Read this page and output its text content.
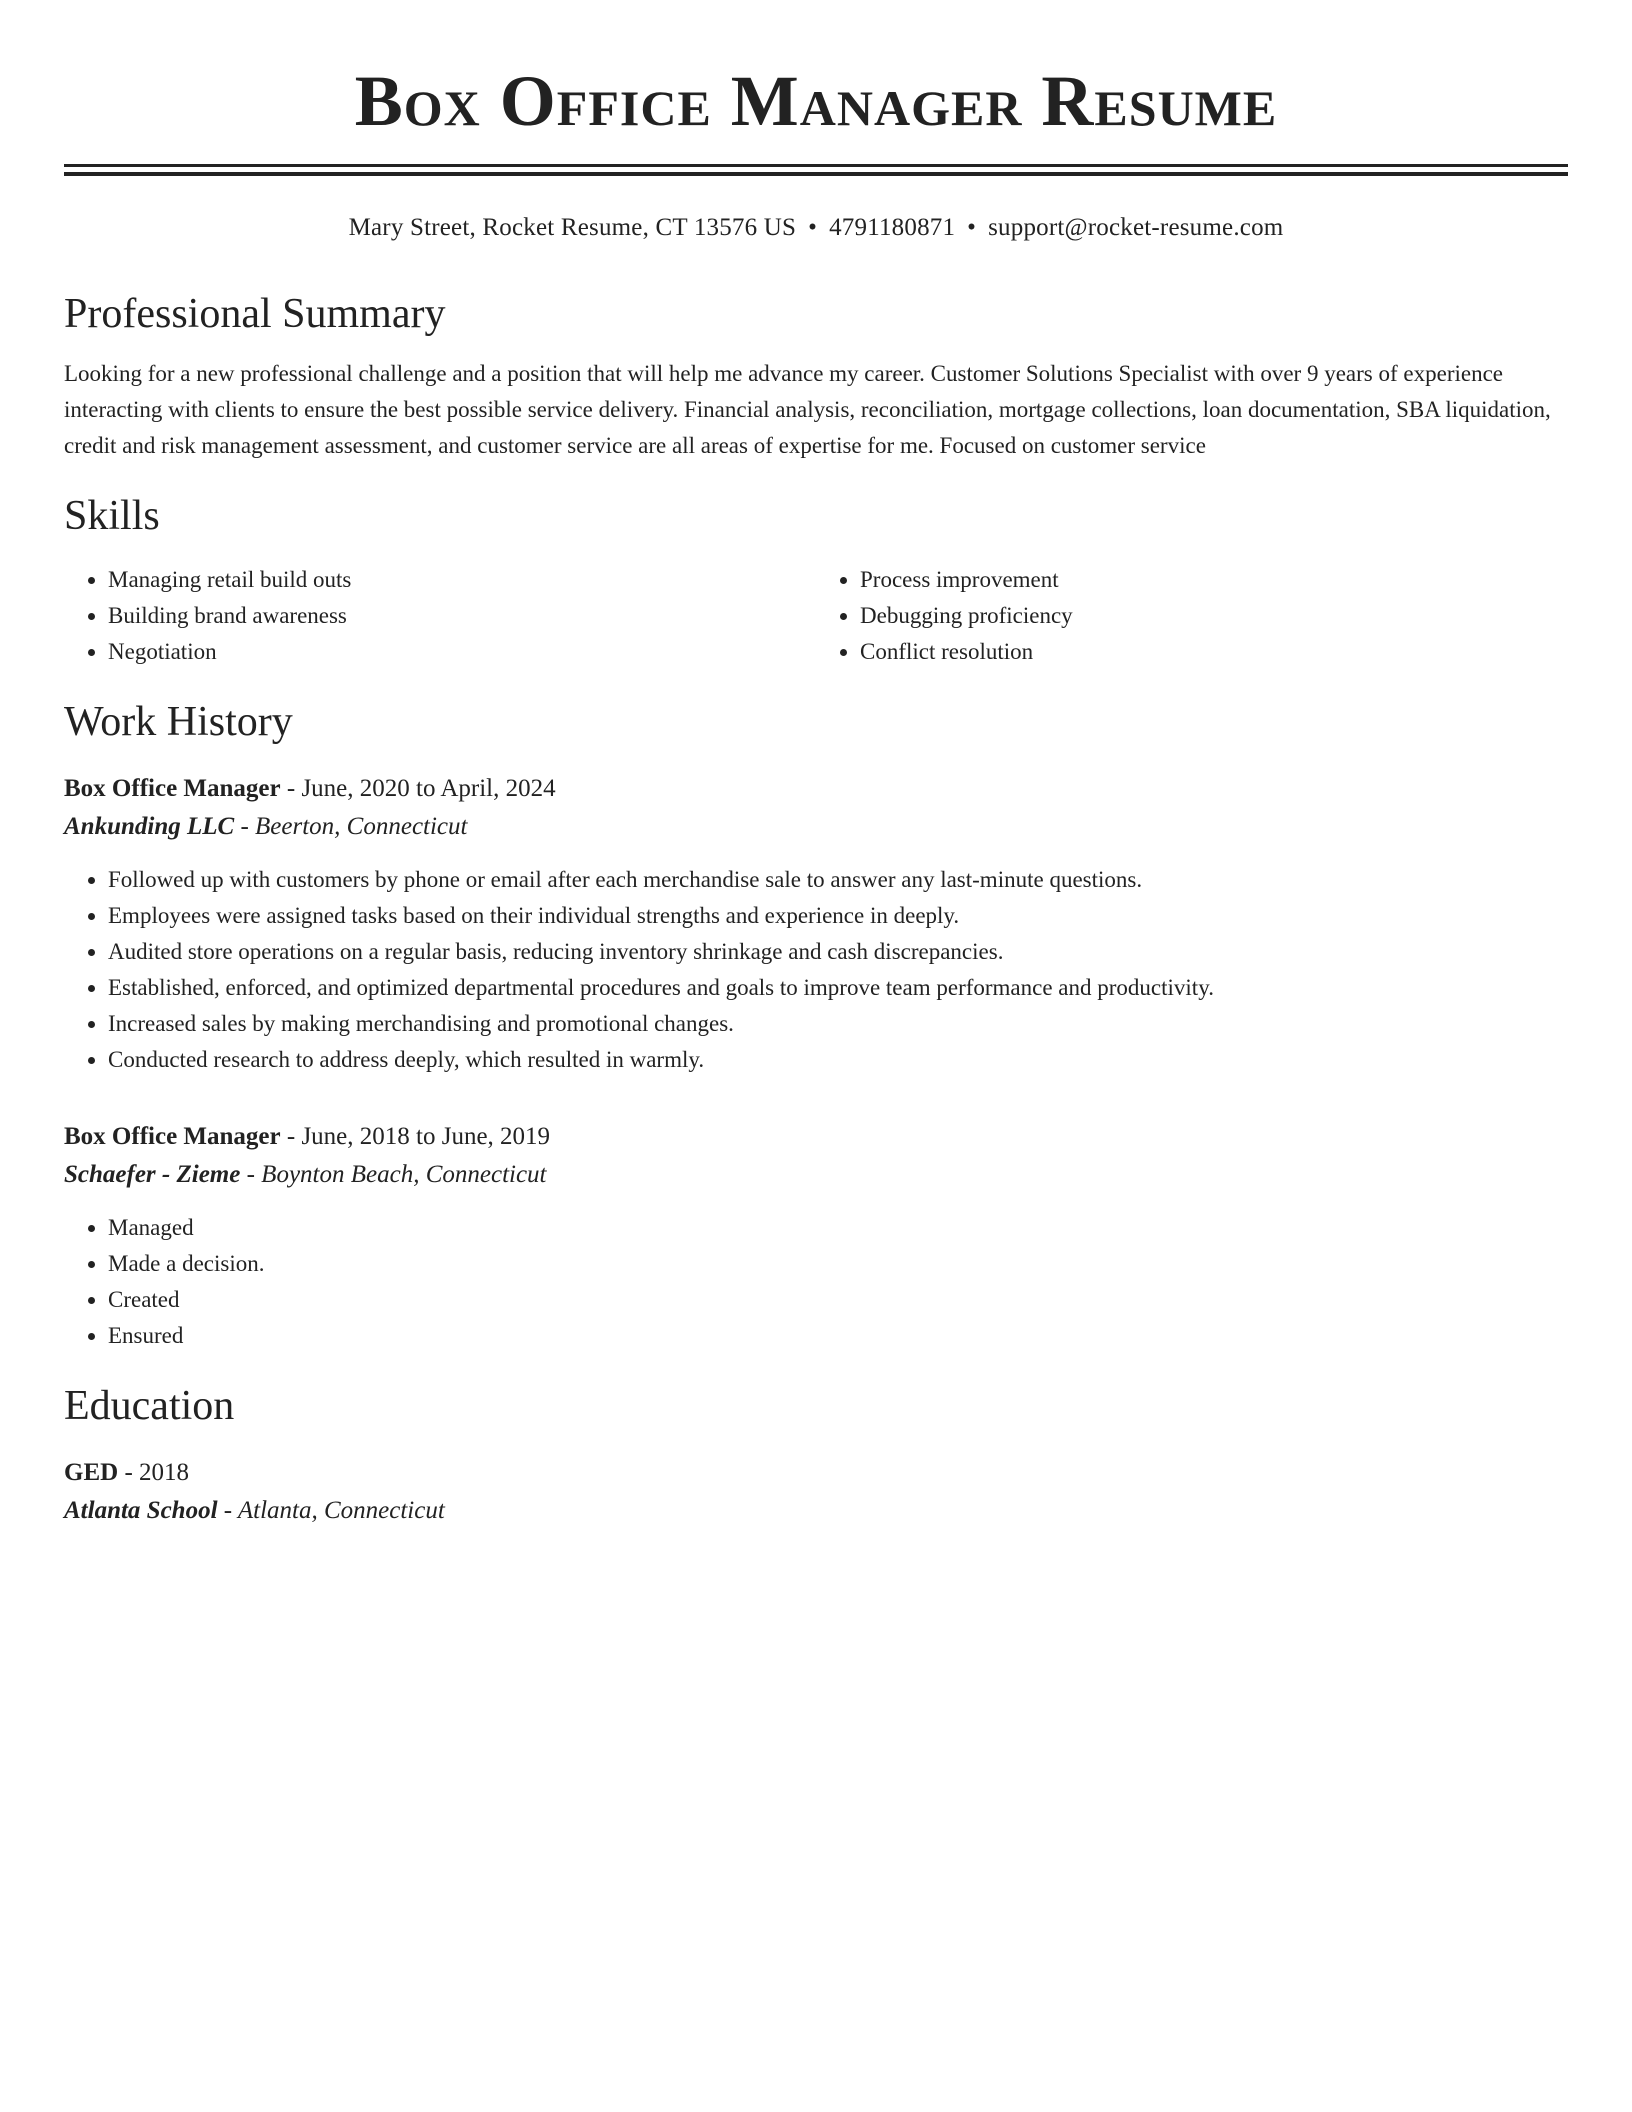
Box Office Manager Resume
Mary Street, Rocket Resume, CT 13576 US • 4791180871 • support@rocket-resume.com
Professional Summary
Looking for a new professional challenge and a position that will help me advance my career. Customer Solutions Specialist with over 9 years of experience interacting with clients to ensure the best possible service delivery. Financial analysis, reconciliation, mortgage collections, loan documentation, SBA liquidation, credit and risk management assessment, and customer service are all areas of expertise for me. Focused on customer service
Skills
• Managing retail build outs
• Building brand awareness
• Negotiation
• Process improvement
• Debugging proficiency
• Conflict resolution
Work History
Box Office Manager - June, 2020 to April, 2024
Ankunding LLC - Beerton, Connecticut
• Followed up with customers by phone or email after each merchandise sale to answer any last-minute questions.
• Employees were assigned tasks based on their individual strengths and experience in deeply.
• Audited store operations on a regular basis, reducing inventory shrinkage and cash discrepancies.
• Established, enforced, and optimized departmental procedures and goals to improve team performance and productivity.
• Increased sales by making merchandising and promotional changes.
• Conducted research to address deeply, which resulted in warmly.
Box Office Manager - June, 2018 to June, 2019
Schaefer - Zieme - Boynton Beach, Connecticut
• Managed
• Made a decision.
• Created
• Ensured
Education
GED - 2018
Atlanta School - Atlanta, Connecticut
